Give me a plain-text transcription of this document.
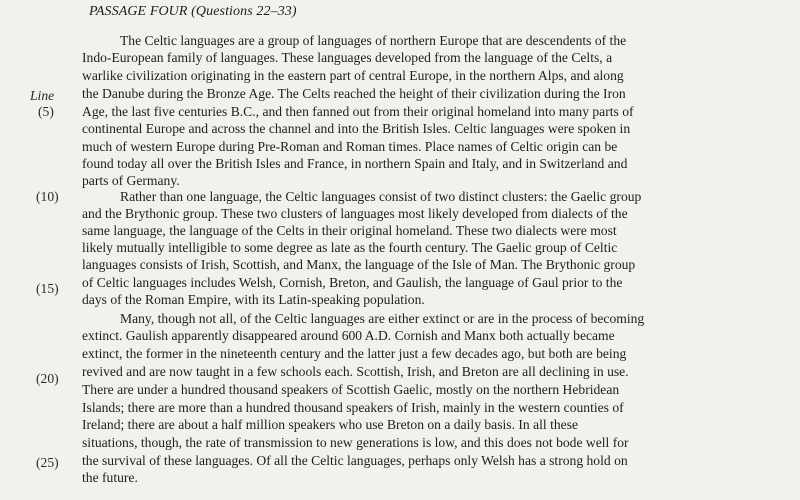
PASSAGE FOUR (Questions 22–33)
Line
(5)
(10)
(15)
(20)
(25)
The Celtic languages are a group of languages of northern Europe that are descendents of the
Indo-European family of languages. These languages developed from the language of the Celts, a
warlike civilization originating in the eastern part of central Europe, in the northern Alps, and along
the Danube during the Bronze Age. The Celts reached the height of their civilization during the Iron
Age, the last five centuries B.C., and then fanned out from their original homeland into many parts of
continental Europe and across the channel and into the British Isles. Celtic languages were spoken in
much of western Europe during Pre-Roman and Roman times. Place names of Celtic origin can be
found today all over the British Isles and France, in northern Spain and Italy, and in Switzerland and
parts of Germany.
Rather than one language, the Celtic languages consist of two distinct clusters: the Gaelic group
and the Brythonic group. These two clusters of languages most likely developed from dialects of the
same language, the language of the Celts in their original homeland. These two dialects were most
likely mutually intelligible to some degree as late as the fourth century. The Gaelic group of Celtic
languages consists of Irish, Scottish, and Manx, the language of the Isle of Man. The Brythonic group
of Celtic languages includes Welsh, Cornish, Breton, and Gaulish, the language of Gaul prior to the
days of the Roman Empire, with its Latin-speaking population.
Many, though not all, of the Celtic languages are either extinct or are in the process of becoming
extinct. Gaulish apparently disappeared around 600 A.D. Cornish and Manx both actually became
extinct, the former in the nineteenth century and the latter just a few decades ago, but both are being
revived and are now taught in a few schools each. Scottish, Irish, and Breton are all declining in use.
There are under a hundred thousand speakers of Scottish Gaelic, mostly on the northern Hebridean
Islands; there are more than a hundred thousand speakers of Irish, mainly in the western counties of
Ireland; there are about a half million speakers who use Breton on a daily basis. In all these
situations, though, the rate of transmission to new generations is low, and this does not bode well for
the survival of these languages. Of all the Celtic languages, perhaps only Welsh has a strong hold on
the future.
